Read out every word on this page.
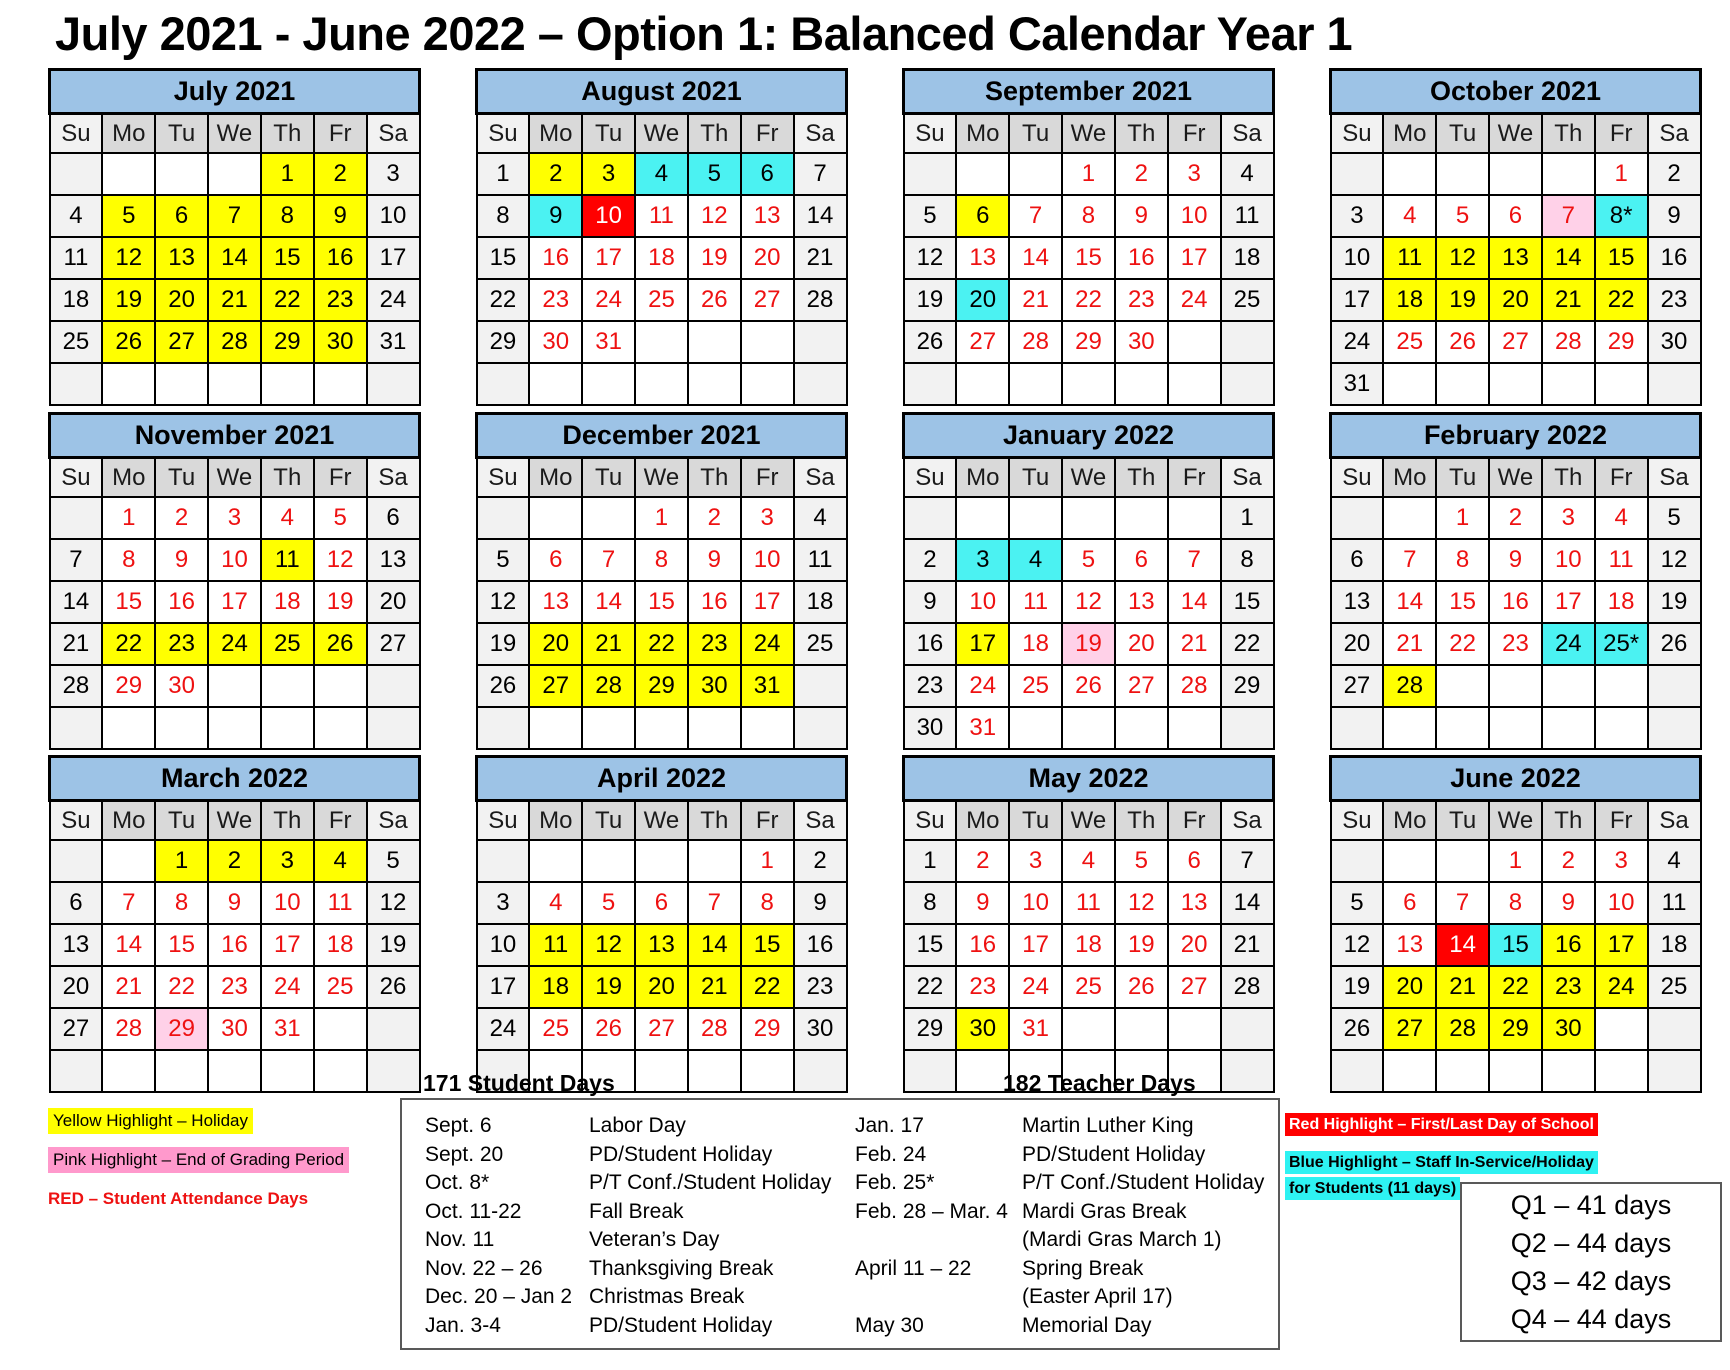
July 2021 - June 2022 – Option 1: Balanced Calendar Year 1
July 2021						
Su	Mo	Tu	We	Th	Fr	Sa
				1	2	3
4	5	6	7	8	9	10
11	12	13	14	15	16	17
18	19	20	21	22	23	24
25	26	27	28	29	30	31

August 2021						
Su	Mo	Tu	We	Th	Fr	Sa
1	2	3	4	5	6	7
8	9	10	11	12	13	14
15	16	17	18	19	20	21
22	23	24	25	26	27	28
29	30	31				

September 2021						
Su	Mo	Tu	We	Th	Fr	Sa
			1	2	3	4
5	6	7	8	9	10	11
12	13	14	15	16	17	18
19	20	21	22	23	24	25
26	27	28	29	30		

October 2021						
Su	Mo	Tu	We	Th	Fr	Sa
					1	2
3	4	5	6	7	8*	9
10	11	12	13	14	15	16
17	18	19	20	21	22	23
24	25	26	27	28	29	30
31						
November 2021						
Su	Mo	Tu	We	Th	Fr	Sa
	1	2	3	4	5	6
7	8	9	10	11	12	13
14	15	16	17	18	19	20
21	22	23	24	25	26	27
28	29	30				

December 2021						
Su	Mo	Tu	We	Th	Fr	Sa
			1	2	3	4
5	6	7	8	9	10	11
12	13	14	15	16	17	18
19	20	21	22	23	24	25
26	27	28	29	30	31	

January 2022						
Su	Mo	Tu	We	Th	Fr	Sa
						1
2	3	4	5	6	7	8
9	10	11	12	13	14	15
16	17	18	19	20	21	22
23	24	25	26	27	28	29
30	31					
February 2022						
Su	Mo	Tu	We	Th	Fr	Sa
		1	2	3	4	5
6	7	8	9	10	11	12
13	14	15	16	17	18	19
20	21	22	23	24	25*	26
27	28					

March 2022						
Su	Mo	Tu	We	Th	Fr	Sa
		1	2	3	4	5
6	7	8	9	10	11	12
13	14	15	16	17	18	19
20	21	22	23	24	25	26
27	28	29	30	31		

April 2022						
Su	Mo	Tu	We	Th	Fr	Sa
					1	2
3	4	5	6	7	8	9
10	11	12	13	14	15	16
17	18	19	20	21	22	23
24	25	26	27	28	29	30

May 2022						
Su	Mo	Tu	We	Th	Fr	Sa
1	2	3	4	5	6	7
8	9	10	11	12	13	14
15	16	17	18	19	20	21
22	23	24	25	26	27	28
29	30	31				

June 2022						
Su	Mo	Tu	We	Th	Fr	Sa
			1	2	3	4
5	6	7	8	9	10	11
12	13	14	15	16	17	18
19	20	21	22	23	24	25
26	27	28	29	30		

171 Student Days	182 Teacher Days
Yellow Highlight – Holiday
Pink Highlight – End of Grading Period
RED – Student Attendance Days
Sept. 6	Labor Day	Jan. 17	Martin Luther King
Sept. 20	PD/Student Holiday	Feb. 24	PD/Student Holiday
Oct. 8*	P/T Conf./Student Holiday	Feb. 25*	P/T Conf./Student Holiday
Oct. 11-22	Fall Break	Feb. 28 – Mar. 4 Mardi Gras Break
Nov. 11	Veteran’s Day	(Mardi Gras March 1)
Nov. 22 – 26	Thanksgiving Break	April 11 – 22	Spring Break
Dec. 20 – Jan 2 Christmas Break	(Easter April 17)
Jan. 3-4	PD/Student Holiday	May 30	Memorial Day
Red Highlight – First/Last Day of School
Blue Highlight – Staff In-Service/Holiday for Students (11 days)
Q1 – 41 days
Q2 – 44 days
Q3 – 42 days
Q4 – 44 days
